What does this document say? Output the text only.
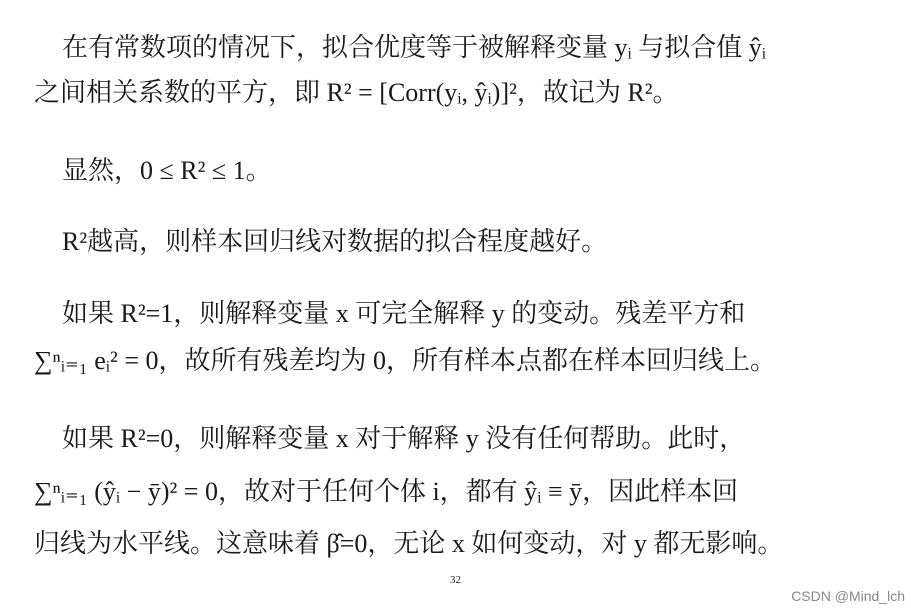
在有常数项的情况下，拟合优度等于被解释变量 yᵢ 与拟合值 ŷᵢ
之间相关系数的平方，即 R² = [Corr(yᵢ, ŷᵢ)]²，故记为 R²。
显然，0 ≤ R² ≤ 1。
R²越高，则样本回归线对数据的拟合程度越好。
如果 R²=1，则解释变量 x 可完全解释 y 的变动。残差平方和
∑ⁿᵢ₌₁ eᵢ² = 0，故所有残差均为 0，所有样本点都在样本回归线上。
如果 R²=0，则解释变量 x 对于解释 y 没有任何帮助。此时，
∑ⁿᵢ₌₁ (ŷᵢ − ȳ)² = 0，故对于任何个体 i，都有 ŷᵢ ≡ ȳ，因此样本回
归线为水平线。这意味着 β̂=0，无论 x 如何变动，对 y 都无影响。
32
CSDN @Mind_lch
